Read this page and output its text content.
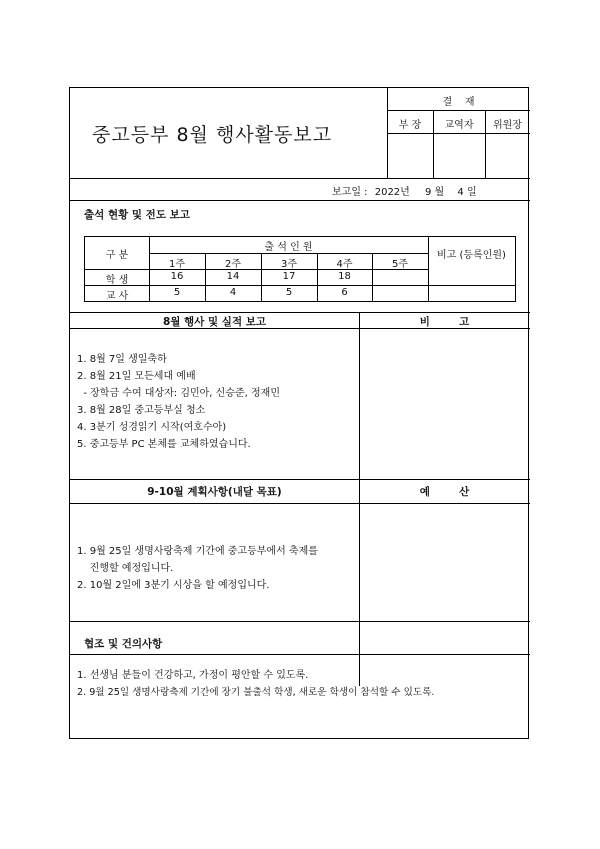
중고등부 8월 행사활동보고
결    재
부 장	교역자	위원장
보고일 : 2022년 9 월 4 일
출석 현황 및 전도 보고
구 분
출 석 인 원
비고 (등록인원)
1주	2주	3주	4주	5주
학 생	16	14	17	18
교 사	5	4	5	6
8월 행사 및 실적 보고	비        고
1. 8월 7일 생일축하
2. 8월 21일 모든세대 예배
- 장학금 수여 대상자: 김민아, 신승준, 정재민
3. 8월 28일 중고등부실 청소
4. 3분기 성경읽기 시작(여호수아)
5. 중고등부 PC 본체를 교체하였습니다.
9-10월 계획사항(내달 목표)	예        산
1. 9월 25일 생명사랑축제 기간에 중고등부에서 축제를
진행할 예정입니다.
2. 10월 2일에 3분기 시상을 할 예정입니다.
협조 및 건의사항
1. 선생님 분들이 건강하고, 가정이 평안할 수 있도록.
2. 9월 25일 생명사랑축제 기간에 장기 불출석 학생, 새로운 학생이 참석할 수 있도록.
